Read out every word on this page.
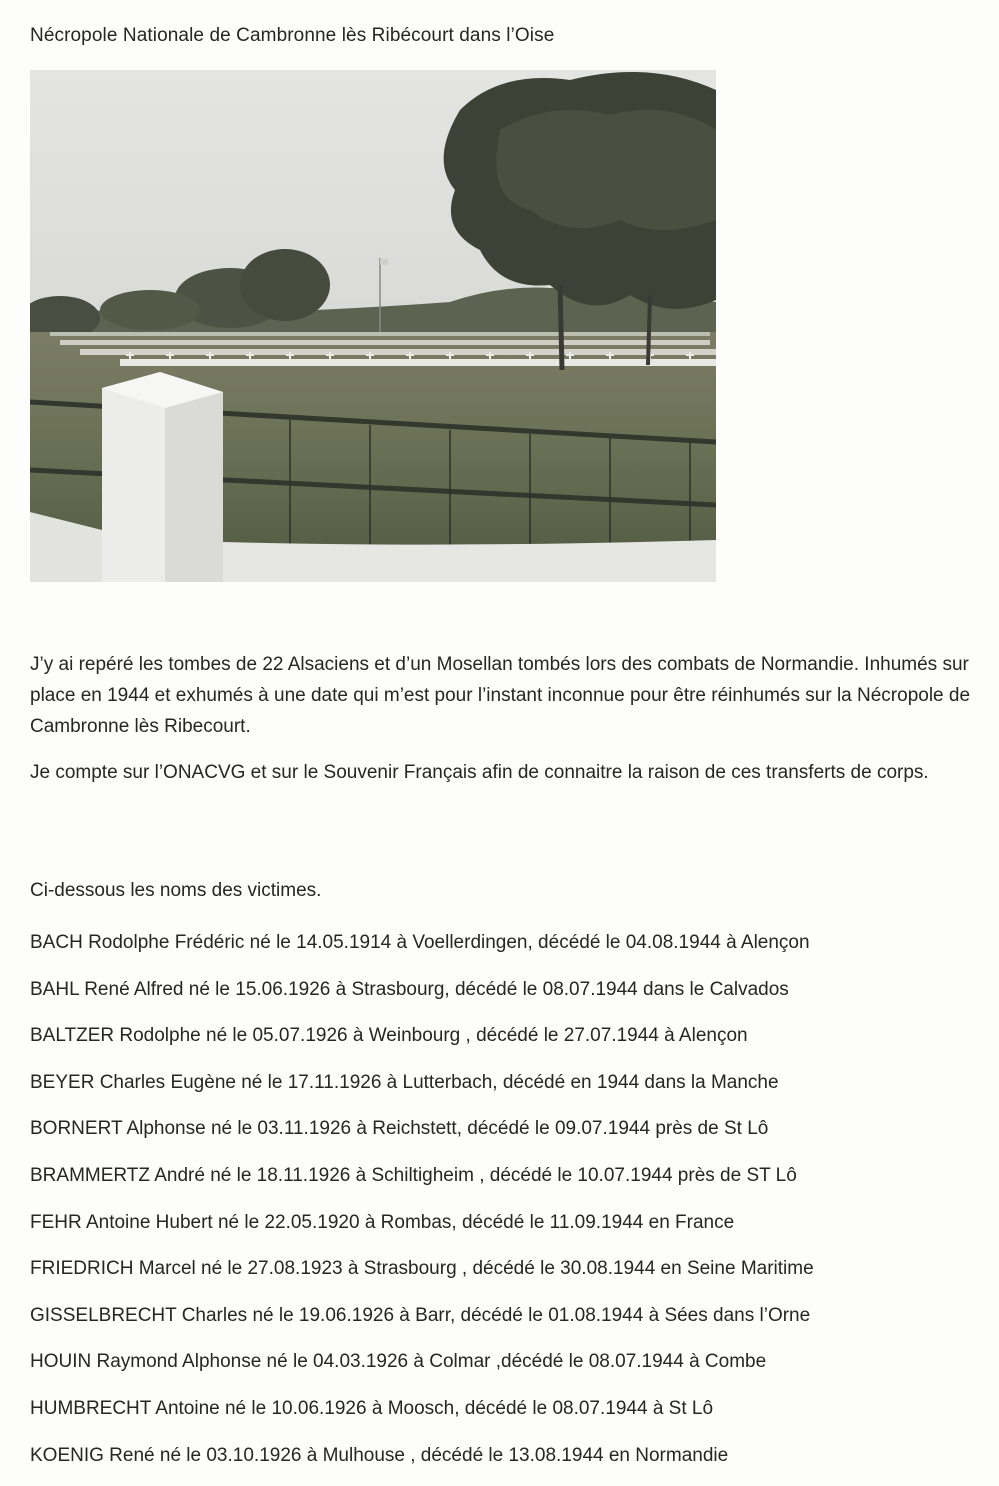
Nécropole Nationale de Cambronne lès Ribécourt dans l’Oise

J’y ai repéré les tombes de 22 Alsaciens et d’un Mosellan tombés lors des combats de Normandie. Inhumés sur place en 1944 et exhumés à une date qui m’est pour l’instant inconnue pour être réinhumés sur la Nécropole de Cambronne lès Ribecourt.

Je compte sur l’ONACVG et sur le Souvenir Français afin de connaitre la raison de ces transferts de corps.

Ci-dessous les noms des victimes.
BACH Rodolphe Frédéric né le 14.05.1914 à Voellerdingen, décédé le 04.08.1944 à Alençon
BAHL René Alfred né le 15.06.1926 à Strasbourg, décédé le 08.07.1944 dans le Calvados
BALTZER Rodolphe né le 05.07.1926 à Weinbourg , décédé le 27.07.1944 à Alençon
BEYER Charles Eugène né le 17.11.1926 à Lutterbach, décédé en 1944 dans la Manche
BORNERT Alphonse né le 03.11.1926 à Reichstett, décédé le 09.07.1944 près de St Lô
BRAMMERTZ André né le 18.11.1926 à Schiltigheim , décédé le 10.07.1944 près de ST Lô
FEHR Antoine Hubert né le 22.05.1920 à Rombas, décédé le 11.09.1944 en France
FRIEDRICH Marcel né le 27.08.1923 à Strasbourg , décédé le 30.08.1944 en Seine Maritime
GISSELBRECHT Charles né le 19.06.1926 à Barr, décédé le 01.08.1944 à Sées dans l’Orne
HOUIN Raymond Alphonse né le 04.03.1926 à Colmar ,décédé le 08.07.1944 à Combe
HUMBRECHT Antoine né le 10.06.1926 à Moosch, décédé le 08.07.1944 à St Lô
KOENIG René né le 03.10.1926 à Mulhouse , décédé le 13.08.1944 en Normandie
